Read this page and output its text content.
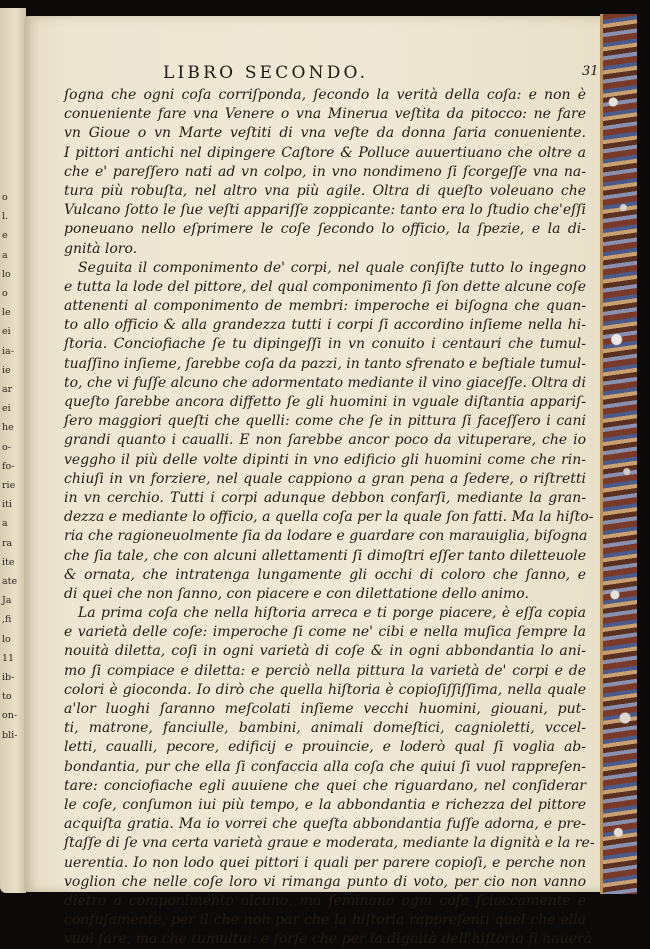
o
l.
e
a
lo
o
le
ei
ia-
ie
ar
ei
he
o-
fo-
rie
iti
a
ra
ite
ate
Ja
,fi
lo
11
ib-
to
on-
bli-
LIBRO SECONDO.	31
ſogna che ogni coſa corriſponda, ſecondo la verità della coſa: e non è
conueniente fare vna Venere o vna Minerua veſtita da pitocco: ne fare
vn Gioue o vn Marte veſtiti di vna veſte da donna ſaria conueniente.
I pittori antichi nel dipingere Caſtore & Polluce auuertiuano che oltre a
che e' pareſſero nati ad vn colpo, in vno nondimeno ſi ſcorgeſſe vna na-
tura più robuſta, nel altro vna più agile. Oltra di queſto voleuano che
Vulcano ſotto le ſue veſti appariſſe zoppicante: tanto era lo ſtudio che'eſſi
poneuano nello eſprimere le coſe ſecondo lo officio, la ſpezie, e la di-
gnità loro.
Seguita il componimento de' corpi, nel quale conſiſte tutto lo ingegno
e tutta la lode del pittore, del qual componimento ſi ſon dette alcune coſe
attenenti al componimento de membri: imperoche ei biſogna che quan-
to allo officio & alla grandezza tutti i corpi ſi accordino inſieme nella hi-
ſtoria. Conciofiache ſe tu dipingeſſi in vn conuito i centauri che tumul-
tuaſſino inſieme, ſarebbe coſa da pazzi, in tanto sfrenato e beſtiale tumul-
to, che vi fuſſe alcuno che adormentato mediante il vino giaceſſe. Oltra di
queſto ſarebbe ancora diffetto ſe gli huomini in vguale diſtantia appariſ-
ſero maggiori queſti che quelli: come che ſe in pittura ſi faceſſero i cani
grandi quanto i caualli. E non ſarebbe ancor poco da vituperare, che io
veggho il più delle volte dipinti in vno edificio gli huomini come che rin-
chiuſi in vn forziere, nel quale cappiono a gran pena a ſedere, o riſtretti
in vn cerchio. Tutti i corpi adunque debbon confarſi, mediante la gran-
dezza e mediante lo officio, a quella coſa per la quale ſon fatti. Ma la hiſto-
ria che ragioneuolmente ſia da lodare e guardare con marauiglia, biſogna
che ſia tale, che con alcuni allettamenti ſi dimoſtri eſſer tanto diletteuole
& ornata, che intratenga lungamente gli occhi di coloro che ſanno, e
di quei che non ſanno, con piacere e con dilettatione dello animo.
La prima coſa che nella hiſtoria arreca e ti porge piacere, è eſſa copia
e varietà delle coſe: imperoche ſi come ne' cibi e nella muſica ſempre la
nouità diletta, coſi in ogni varietà di coſe & in ogni abbondantia lo ani-
mo ſi compiace e diletta: e perciò nella pittura la varietà de' corpi e de
colori è gioconda. Io dirò che quella hiſtoria è copioſiſſiſſima, nella quale
a'lor luoghi ſaranno meſcolati inſieme vecchi huomini, giouani, put-
ti, matrone, fanciulle, bambini, animali domeſtici, cagnioletti, vccel-
letti, caualli, pecore, edificij e prouincie, e loderò qual ſi voglia ab-
bondantia, pur che ella ſi confaccia alla coſa che quiui ſi vuol rappreſen-
tare: conciofiache egli auuiene che quei che riguardano, nel conſiderar
le coſe, conſumon iui più tempo, e la abbondantia e richezza del pittore
acquiſta gratia. Ma io vorrei che queſta abbondantia fuſſe adorna, e pre-
ſtaſſe di ſe vna certa varietà graue e moderata, mediante la dignità e la re-
uerentia. Io non lodo quei pittori i quali per parere copioſi, e perche non
voglion che nelle coſe loro vi rimanga punto di voto, per cio non vanno
dietro a componimento alcuno, ma ſeminano ogni coſa ſcioccamente e
confuſamente, per il che non par che la hiſtoria rappreſenti quel che ella
vuol fare, ma che tumultui: e forſe che per la dignità dell'hiſtoria ſi hauerà
